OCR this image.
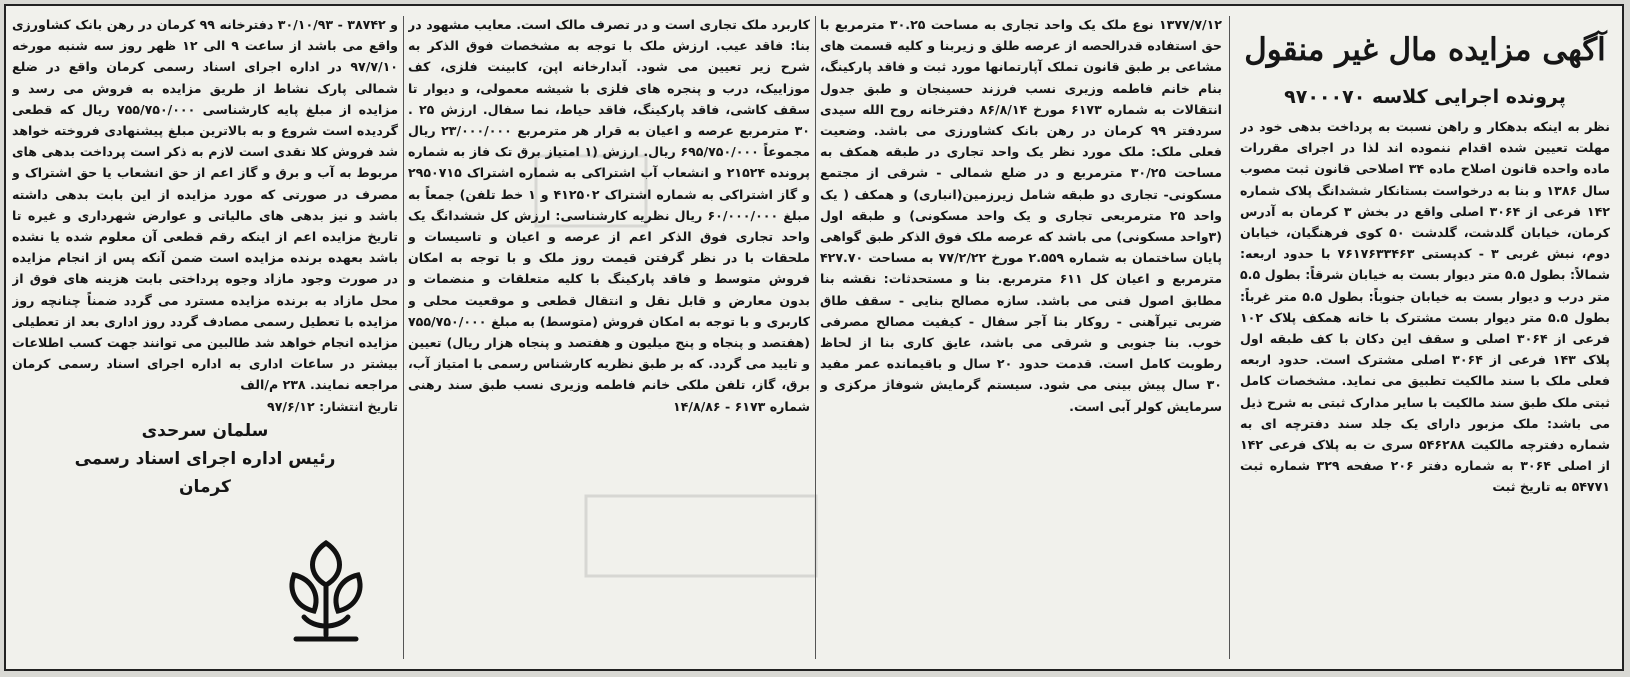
آگهی مزایده مال غیر منقول
پرونده اجرایی کلاسه ۹۷۰۰۰۷۰

نظر به اینکه بدهکار و راهن نسبت به پرداخت بدهی خود در مهلت تعیین شده اقدام ننموده اند لذا در اجرای مقررات ماده واحده قانون اصلاح ماده ۳۴ اصلاحی قانون ثبت مصوب سال ۱۳۸۶ و بنا به درخواست بستانکار ششدانگ پلاک شماره ۱۴۲ فرعی از ۳۰۶۴ اصلی واقع در بخش ۳ کرمان به آدرس کرمان، خیابان گلدشت، گلدشت ۵۰ کوی فرهنگیان، خیابان دوم، نبش غربی ۳ - کدپستی ۷۶۱۷۶۳۳۴۶۳ با حدود اربعه: شمالاً: بطول ۵.۵ متر دیوار بست به خیابان شرقاً: بطول ۵.۵ متر درب و دیوار بست به خیابان جنوباً: بطول ۵.۵ متر غرباً: بطول ۵.۵ متر دیوار بست مشترک با خانه همکف پلاک ۱۰۲ فرعی از ۳۰۶۴ اصلی و سقف این دکان با کف طبقه اول پلاک ۱۴۳ فرعی از ۳۰۶۴ اصلی مشترک است. حدود اربعه فعلی ملک با سند مالکیت تطبیق می نماید. مشخصات کامل ثبتی ملک طبق سند مالکیت با سایر مدارک ثبتی به شرح ذیل می باشد: ملک مزبور دارای یک جلد سند دفترچه ای به شماره دفترچه مالکیت ۵۴۶۲۸۸ سری ت به پلاک فرعی ۱۴۲ از اصلی ۳۰۶۴ به شماره دفتر ۲۰۶ صفحه ۳۲۹ شماره ثبت ۵۴۷۷۱ به تاریخ ثبت

۱۳۷۷/۷/۱۲ نوع ملک یک واحد تجاری به مساحت ۳۰.۲۵ مترمربع با حق استفاده قدرالحصه از عرصه طلق و زیربنا و کلیه قسمت های مشاعی بر طبق قانون تملک آپارتمانها مورد ثبت و فاقد پارکینگ، بنام خانم فاطمه وزیری نسب فرزند حسینجان و طبق جدول انتقالات به شماره ۶۱۷۳ مورخ ۸۶/۸/۱۴ دفترخانه روح الله سیدی سردفتر ۹۹ کرمان در رهن بانک کشاورزی می باشد. وضعیت فعلی ملک: ملک مورد نظر یک واحد تجاری در طبقه همکف به مساحت ۳۰/۲۵ مترمربع و در ضلع شمالی - شرقی از مجتمع مسکونی- تجاری دو طبقه شامل زیرزمین(انباری) و همکف ( یک واحد ۲۵ مترمربعی تجاری و یک واحد مسکونی) و طبقه اول (۳واحد مسکونی) می باشد که عرصه ملک فوق الذکر طبق گواهی پایان ساختمان به شماره ۲.۵۵۹ مورخ ۷۷/۲/۲۲ به مساحت ۴۲۷.۷۰ مترمربع و اعیان کل ۶۱۱ مترمربع. بنا و مستحدثات: نقشه بنا مطابق اصول فنی می باشد. سازه مصالح بنایی - سقف طاق ضربی تیرآهنی - روکار بنا آجر سفال - کیفیت مصالح مصرفی خوب. بنا جنوبی و شرقی می باشد، عایق کاری بنا از لحاظ رطوبت کامل است. قدمت حدود ۲۰ سال و باقیمانده عمر مفید ۳۰ سال پیش بینی می شود. سیستم گرمایش شوفاژ مرکزی و سرمایش کولر آبی است.

کاربرد ملک تجاری است و در تصرف مالک است. معایب مشهود در بنا: فاقد عیب. ارزش ملک با توجه به مشخصات فوق الذکر به شرح زیر تعیین می شود. آبدارخانه اپن، کابینت فلزی، کف موزاییک، درب و پنجره های فلزی با شیشه معمولی، و دیوار تا سقف کاشی، فاقد پارکینگ، فاقد حیاط، نما سفال. ارزش ۲۵ . ۳۰ مترمربع عرصه و اعیان به قرار هر مترمربع ۲۳/۰۰۰/۰۰۰ ریال مجموعاً ۶۹۵/۷۵۰/۰۰۰ ریال. ارزش (۱ امتیاز برق تک فاز به شماره پرونده ۲۱۵۲۴ و انشعاب آب اشتراکی به شماره اشتراک ۲۹۵۰۷۱۵ و گاز اشتراکی به شماره اشتراک ۴۱۲۵۰۲ و ۱ خط تلفن) جمعاً به مبلغ ۶۰/۰۰۰/۰۰۰ ریال نظریه کارشناسی: ارزش کل ششدانگ یک واحد تجاری فوق الذکر اعم از عرصه و اعیان و تاسیسات و ملحقات با در نظر گرفتن قیمت روز ملک و با توجه به امکان فروش متوسط و فاقد پارکینگ با کلیه متعلقات و منضمات و بدون معارض و قابل نقل و انتقال قطعی و موقعیت محلی و کاربری و با توجه به امکان فروش (متوسط) به مبلغ ۷۵۵/۷۵۰/۰۰۰ (هفتصد و پنجاه و پنج میلیون و هفتصد و پنجاه هزار ریال) تعیین و تایید می گردد. که بر طبق نظریه کارشناس رسمی با امتیاز آب، برق، گاز، تلفن ملکی خانم فاطمه وزیری نسب طبق سند رهنی شماره ۶۱۷۳ - ۱۴/۸/۸۶

و ۳۸۷۴۲ - ۳۰/۱۰/۹۳ دفترخانه ۹۹ کرمان در رهن بانک کشاورزی واقع می باشد از ساعت ۹ الی ۱۲ ظهر روز سه شنبه مورخه ۹۷/۷/۱۰ در اداره اجرای اسناد رسمی کرمان واقع در ضلع شمالی پارک نشاط از طریق مزایده به فروش می رسد و مزایده از مبلغ پایه کارشناسی ۷۵۵/۷۵۰/۰۰۰ ریال که قطعی گردیده است شروع و به بالاترین مبلغ پیشنهادی فروخته خواهد شد فروش کلا نقدی است لازم به ذکر است پرداخت بدهی های مربوط به آب و برق و گاز اعم از حق انشعاب یا حق اشتراک و مصرف در صورتی که مورد مزایده از این بابت بدهی داشته باشد و نیز بدهی های مالیاتی و عوارض شهرداری و غیره تا تاریخ مزایده اعم از اینکه رقم قطعی آن معلوم شده یا نشده باشد بعهده برنده مزایده است ضمن آنکه پس از انجام مزایده در صورت وجود مازاد وجوه پرداختی بابت هزینه های فوق از محل مازاد به برنده مزایده مسترد می گردد ضمناً چنانچه روز مزایده با تعطیل رسمی مصادف گردد روز اداری بعد از تعطیلی مزایده انجام خواهد شد طالبین می توانند جهت کسب اطلاعات بیشتر در ساعات اداری به اداره اجرای اسناد رسمی کرمان مراجعه نمایند. ۲۳۸ م/الف

تاریخ انتشار: ۹۷/۶/۱۲

سلمان سرحدی
رئیس اداره اجرای اسناد رسمی
کرمان
